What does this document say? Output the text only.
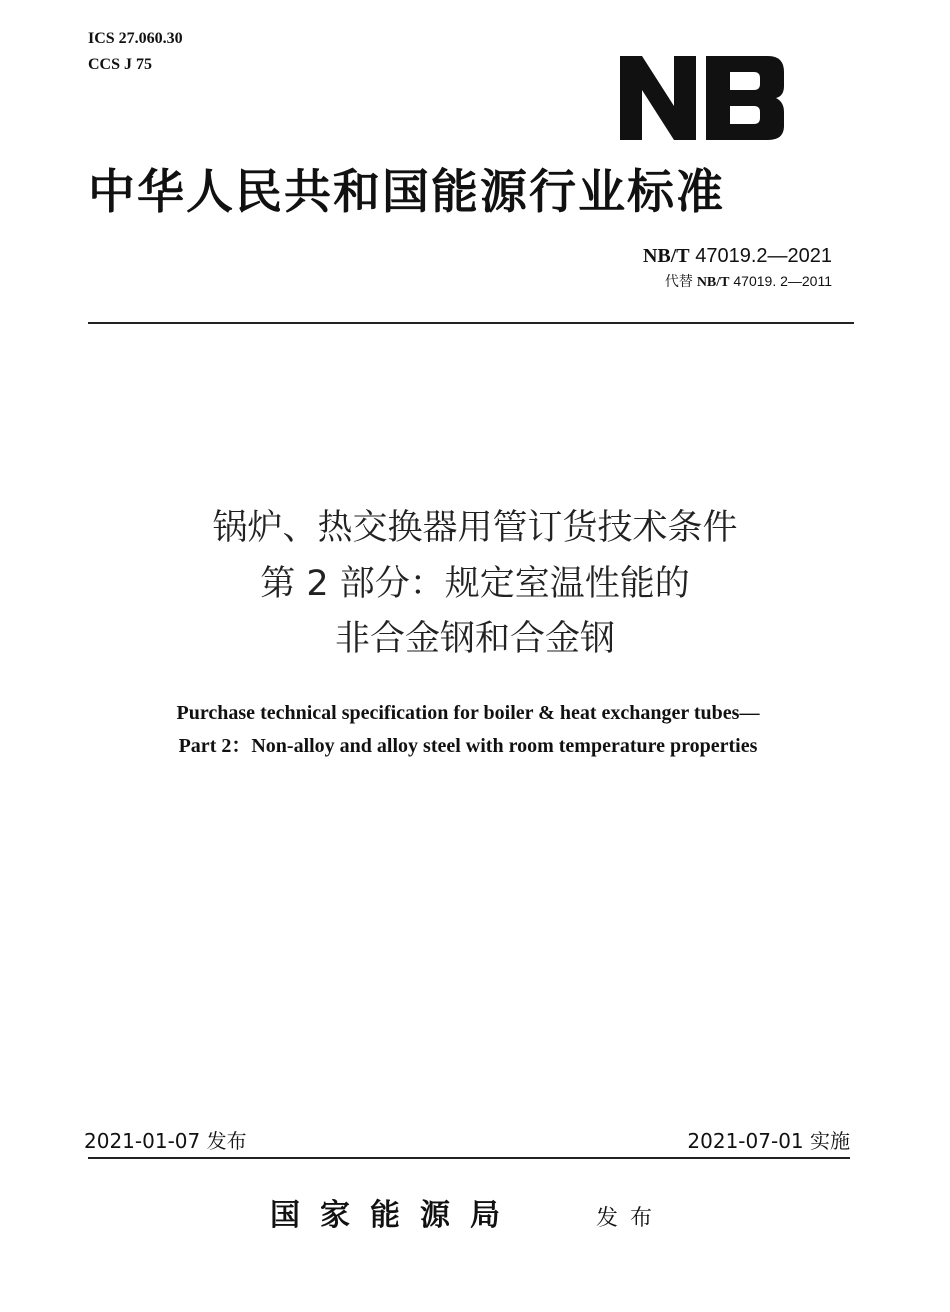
ICS 27.060.30
CCS J 75
中华人民共和国能源行业标准
NB/T 47019.2—2021
代替 NB/T 47019. 2—2011
锅炉、热交换器用管订货技术条件
第 2 部分：规定室温性能的
非合金钢和合金钢
Purchase technical specification for boiler & heat exchanger tubes—
Part 2：Non-alloy and alloy steel with room temperature properties
2021-01-07 发布	2021-07-01 实施
国家能源局	发布
